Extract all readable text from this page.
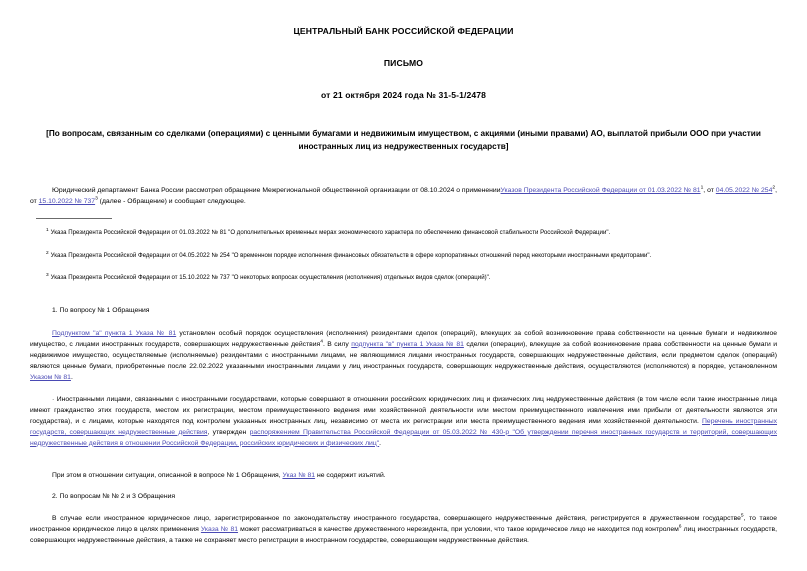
ЦЕНТРАЛЬНЫЙ БАНК РОССИЙСКОЙ ФЕДЕРАЦИИ
ПИСЬМО
от 21 октября 2024 года № 31-5-1/2478
[По вопросам, связанным со сделками (операциями) с ценными бумагами и недвижимым имуществом, с акциями (иными правами) АО, выплатой прибыли ООО при участии иностранных лиц из недружественных государств]

Юридический департамент Банка России рассмотрел обращение Межрегиональной общественной организации от 08.10.2024 о примененииУказов Президента Российской Федерации от 01.03.2022 № 81$^1$, от 04.05.2022 № 254$^2$, от 15.10.2022 № 737$^3$ (далее - Обращение) и сообщает следующее.

$^1$ Указа Президента Российской Федерации от 01.03.2022 № 81 "О дополнительных временных мерах экономического характера по обеспечению финансовой стабильности Российской Федерации".

$^2$ Указа Президента Российской Федерации от 04.05.2022 № 254 "О временном порядке исполнения финансовых обязательств в сфере корпоративных отношений перед некоторыми иностранными кредиторами".

$^3$ Указа Президента Российской Федерации от 15.10.2022 № 737 "О некоторых вопросах осуществления (исполнения) отдельных видов сделок (операций)".

1. По вопросу № 1 Обращения

Подпунктом "а" пункта 1 Указа № 81 установлен особый порядок осуществления (исполнения) резидентами сделок (операций), влекущих за собой возникновение права собственности на ценные бумаги и недвижимое имущество, с лицами иностранных государств, совершающих недружественные действия$^4$. В силу подпункта "в" пункта 1 Указа № 81 сделки (операции), влекущие за собой возникновение права собственности на ценные бумаги и недвижимое имущество, осуществляемые (исполняемые) резидентами с иностранными лицами, не являющимися лицами иностранных государств, совершающих недружественные действия, если предметом сделок (операций) являются ценные бумаги, приобретенные после 22.02.2022 указанными иностранными лицами у лиц иностранных государств, совершающих недружественные действия, осуществляются (исполняются) в порядке, установленном Указом № 81.

· Иностранными лицами, связанными с иностранными государствами, которые совершают в отношении российских юридических лиц и физических лиц недружественные действия (в том числе если такие иностранные лица имеют гражданство этих государств, местом их регистрации, местом преимущественного ведения ими хозяйственной деятельности или местом преимущественного извлечения ими прибыли от деятельности являются эти государства), и с лицами, которые находятся под контролем указанных иностранных лиц, независимо от места их регистрации или места преимущественного ведения ими хозяйственной деятельности. Перечень иностранных государств, совершающих недружественные действия, утвержден распоряжением Правительства Российской Федерации от 05.03.2022 № 430-р "Об утверждении перечня иностранных государств и территорий, совершающих недружественные действия в отношении Российской Федерации, российских юридических и физических лиц".

При этом в отношении ситуации, описанной в вопросе № 1 Обращения, Указ № 81 не содержит изъятий.

2. По вопросам № № 2 и 3 Обращения

В случае если иностранное юридическое лицо, зарегистрированное по законодательству иностранного государства, совершающего недружественные действия, регистрируется в дружественном государстве$^5$, то такое иностранное юридическое лицо в целях применения Указа № 81 может рассматриваться в качестве дружественного нерезидента, при условии, что такое юридическое лицо не находится под контролем$^6$ лиц иностранных государств, совершающих недружественные действия, а также не сохраняет место регистрации в иностранном государстве, совершающем недружественные действия.
